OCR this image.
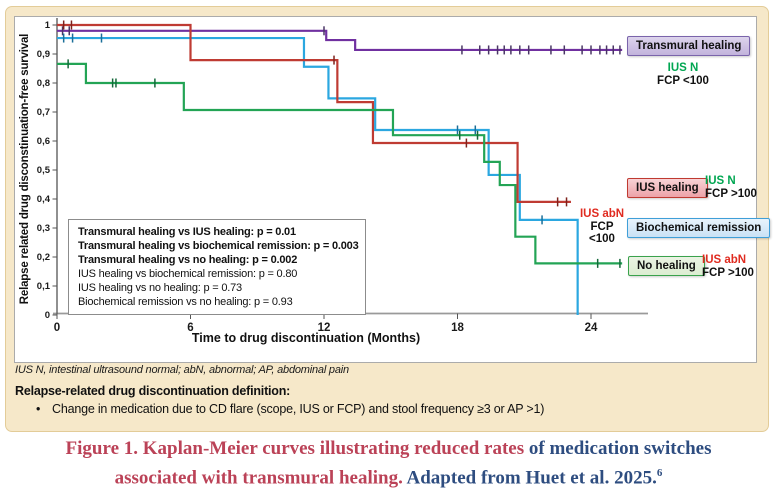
0
0,1
0,2
0,3
0,4
0,5
0,6
0,7
0,8
0,9
1
0	6	12	18	24
Relapse related drug disconstinuation-free survival
Time to drug discontinuation (Months)
Transmural healing vs IUS healing: p = 0.01
Transmural healing vs biochemical remission: p = 0.003
Transmural healing vs no healing: p = 0.002
IUS healing vs biochemical remission: p = 0.80
IUS healing vs no healing: p = 0.73
Biochemical remission vs no healing: p = 0.93
Transmural healing
IUS N
FCP <100
IUS healing
IUS N
FCP >100
IUS abN
FCP
<100
Biochemical remission
No healing IUS abN
FCP >100
IUS N, intestinal ultrasound normal; abN, abnormal; AP, abdominal pain
Relapse-related drug discontinuation definition:
• Change in medication due to CD flare (scope, IUS or FCP) and stool frequency ≥3 or AP >1)
Figure 1. Kaplan-Meier curves illustrating reduced rates of medication switches
associated with transmural healing. Adapted from Huet et al. 2025.$^6$
